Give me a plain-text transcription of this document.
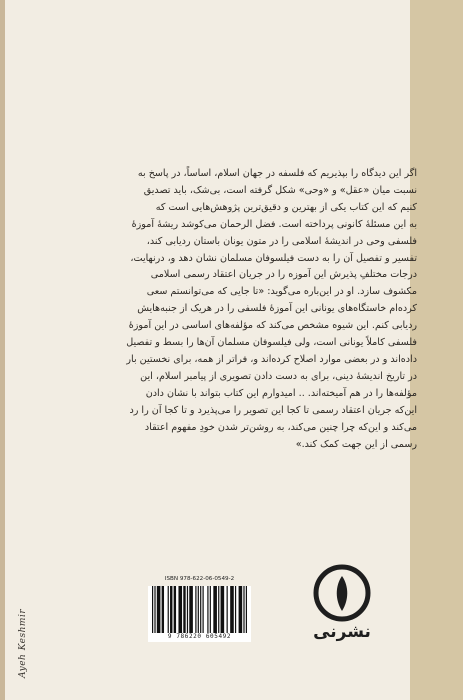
اگر این دیدگاه را بپذیریم که فلسفه در جهان اسلام، اساساً، در پاسخ به
نسبت میان «عقل» و «وحی» شکل گرفته است، بی‌شک، باید تصدیق
کنیم که این کتاب یکی از بهترین و دقیق‌ترین پژوهش‌هایی است که
به این مسئلهٔ کانونی پرداخته است. فضل الرحمان می‌کوشد ریشهٔ آموزهٔ
فلسفی وحی در اندیشهٔ اسلامی را در متون یونان باستان ردیابی کند،
تفسیر و تفصیل آن را به دست فیلسوفان مسلمان نشان دهد و، درنهایت،
درجات مختلفِ پذیرش این آموزه را در جریان اعتقاد رسمی اسلامی
مکشوف سازد. او در این‌باره می‌گوید: «تا جایی که می‌توانستم سعی
کرده‌ام خاستگاه‌های یونانی این آموزهٔ فلسفی را در هریک از جنبه‌هایش
ردیابی کنم. این شیوه مشخص می‌کند که مؤلفه‌های اساسی در این آموزهٔ
فلسفی کاملاً یونانی است، ولی فیلسوفان مسلمان آن‌ها را بسط و تفصیل
داده‌اند و در بعضی موارد اصلاح کرده‌اند و، فراتر از همه، برای نخستین بار
در تاریخ اندیشهٔ دینی، برای به دست دادن تصویری از پیامبر اسلام، این
مؤلفه‌ها را در هم آمیخته‌اند. .. امیدوارم این کتاب بتواند با نشان دادن
این‌که جریان اعتقاد رسمی تا کجا این تصویر را می‌پذیرد و تا کجا آن را رد
می‌کند و این‌که چرا چنین می‌کند، به روشن‌تر شدن خودِ مفهوم اعتقاد
رسمی از این جهت کمک کند.»

Ayeh Keshmir
ISBN 978-622-06-0549-2
9 786220 605492	نشرنی
